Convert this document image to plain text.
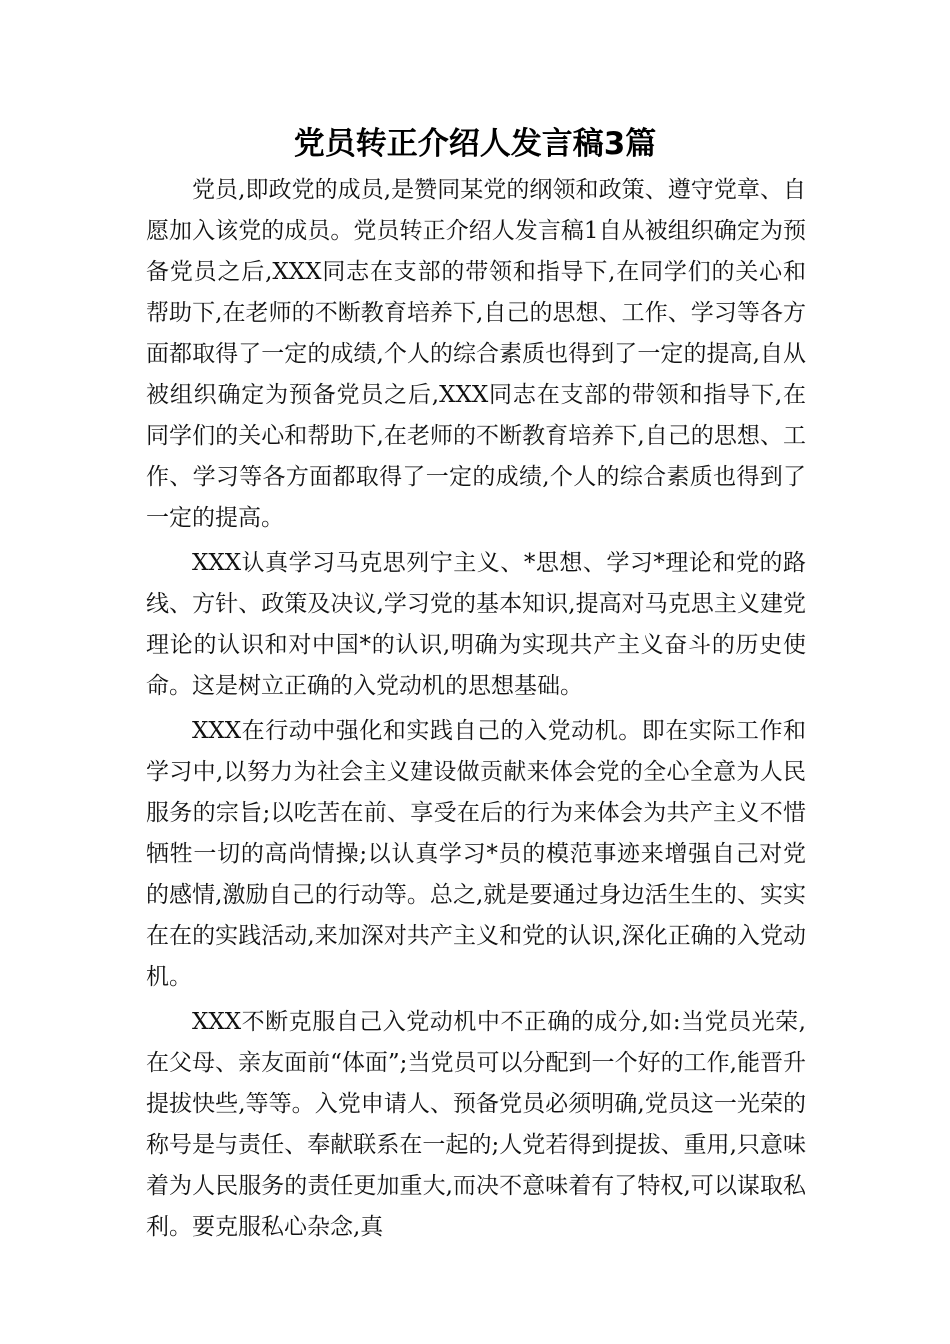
党员转正介绍人发言稿3篇

党员,即政党的成员,是赞同某党的纲领和政策、遵守党章、自愿加入该党的成员。党员转正介绍人发言稿1自从被组织确定为预备党员之后,XXX同志在支部的带领和指导下,在同学们的关心和帮助下,在老师的不断教育培养下,自己的思想、工作、学习等各方面都取得了一定的成绩,个人的综合素质也得到了一定的提高,自从被组织确定为预备党员之后,XXX同志在支部的带领和指导下,在同学们的关心和帮助下,在老师的不断教育培养下,自己的思想、工作、学习等各方面都取得了一定的成绩,个人的综合素质也得到了一定的提高。

XXX认真学习马克思列宁主义、*思想、学习*理论和党的路线、方针、政策及决议,学习党的基本知识,提高对马克思主义建党理论的认识和对中国*的认识,明确为实现共产主义奋斗的历史使命。这是树立正确的入党动机的思想基础。

XXX在行动中强化和实践自己的入党动机。即在实际工作和学习中,以努力为社会主义建设做贡献来体会党的全心全意为人民服务的宗旨;以吃苦在前、享受在后的行为来体会为共产主义不惜牺牲一切的高尚情操;以认真学习*员的模范事迹来增强自己对党的感情,激励自己的行动等。总之,就是要通过身边活生生的、实实在在的实践活动,来加深对共产主义和党的认识,深化正确的入党动机。

XXX不断克服自己入党动机中不正确的成分,如:当党员光荣,在父母、亲友面前“体面”;当党员可以分配到一个好的工作,能晋升提拔快些,等等。入党申请人、预备党员必须明确,党员这一光荣的称号是与责任、奉献联系在一起的;人党若得到提拔、重用,只意味着为人民服务的责任更加重大,而决不意味着有了特权,可以谋取私利。要克服私心杂念,真
